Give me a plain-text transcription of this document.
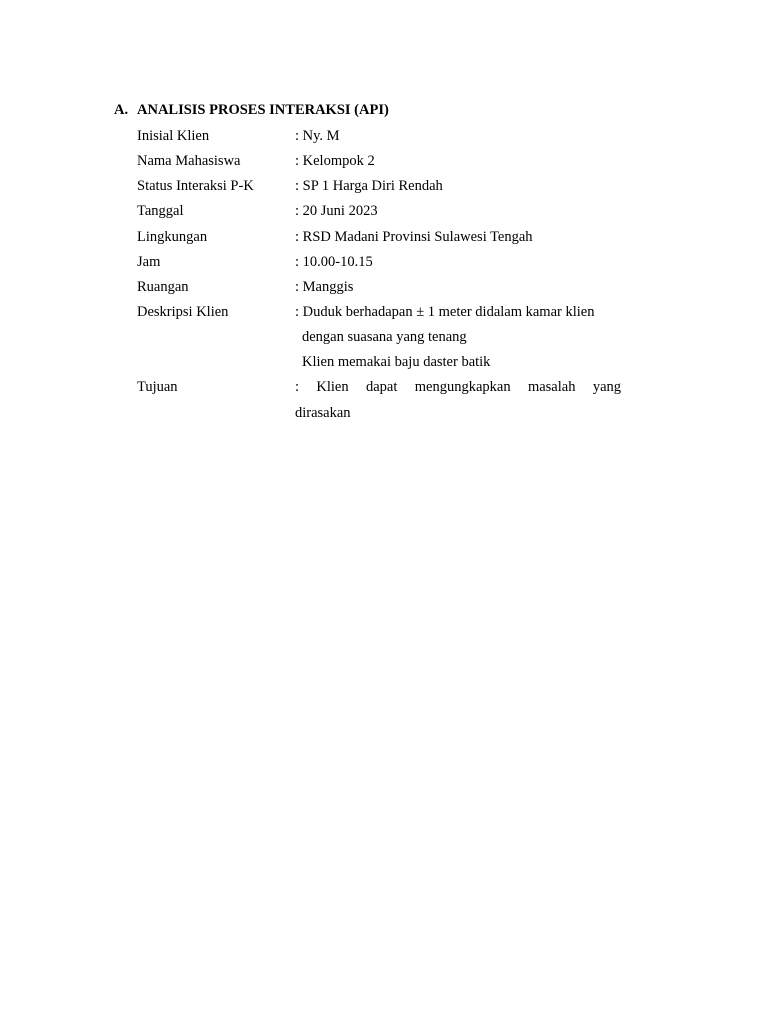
A. ANALISIS PROSES INTERAKSI (API)
Inisial Klien	: Ny. M
Nama Mahasiswa	: Kelompok 2
Status Interaksi P-K	: SP 1 Harga Diri Rendah
Tanggal	: 20 Juni 2023
Lingkungan	: RSD Madani Provinsi Sulawesi Tengah
Jam	: 10.00-10.15
Ruangan	: Manggis
Deskripsi Klien	: Duduk berhadapan ± 1 meter didalam kamar klien
dengan suasana yang tenang
Klien memakai baju daster batik
Tujuan	: Klien dapat mengungkapkan masalah yang
dirasakan
